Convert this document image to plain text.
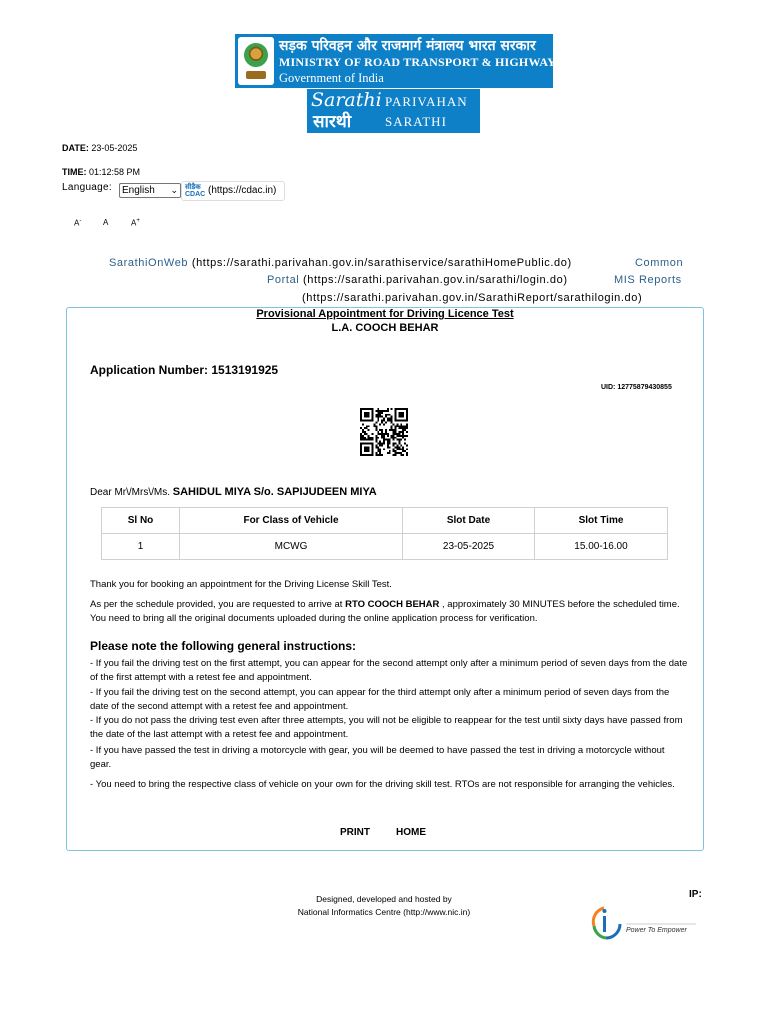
सड़क परिवहन और राजमार्ग मंत्रालय भारत सरकार
MINISTRY OF ROAD TRANSPORT & HIGHWAYS
Government of India
Sarathi
सारथी
PARIVAHAN
SARATHI
DATE: 23-05-2025
TIME: 01:12:58 PM
Language:	English ⌄ सीडैक
CDAC (https://cdac.in)
A-	A	A+
SarathiOnWeb (https://sarathi.parivahan.gov.in/sarathiservice/sarathiHomePublic.do)	Common
Portal (https://sarathi.parivahan.gov.in/sarathi/login.do)	MIS Reports
(https://sarathi.parivahan.gov.in/SarathiReport/sarathilogin.do)
Provisional Appointment for Driving Licence Test
L.A. COOCH BEHAR
Application Number: 1513191925
UID: 12775879430855
Dear Mr\/Mrs\/Ms. SAHIDUL MIYA S/o. SAPIJUDEEN MIYA
Sl No	For Class of Vehicle	Slot Date	Slot Time
1	MCWG	23-05-2025	15.00-16.00
Thank you for booking an appointment for the Driving License Skill Test.
As per the schedule provided, you are requested to arrive at RTO COOCH BEHAR , approximately 30 MINUTES before the scheduled time. You need to bring all the original documents uploaded during the online application process for verification.
Please note the following general instructions:
- If you fail the driving test on the first attempt, you can appear for the second attempt only after a minimum period of seven days from the date of the first attempt with a retest fee and appointment.
- If you fail the driving test on the second attempt, you can appear for the third attempt only after a minimum period of seven days from the date of the second attempt with a retest fee and appointment.
- If you do not pass the driving test even after three attempts, you will not be eligible to reappear for the test until sixty days have passed from the date of the last attempt with a retest fee and appointment.
- If you have passed the test in driving a motorcycle with gear, you will be deemed to have passed the test in driving a motorcycle without gear.
- You need to bring the respective class of vehicle on your own for the driving skill test. RTOs are not responsible for arranging the vehicles.
PRINT	HOME
Designed, developed and hosted by
National Informatics Centre (http://www.nic.in)
IP:
Power To Empower
